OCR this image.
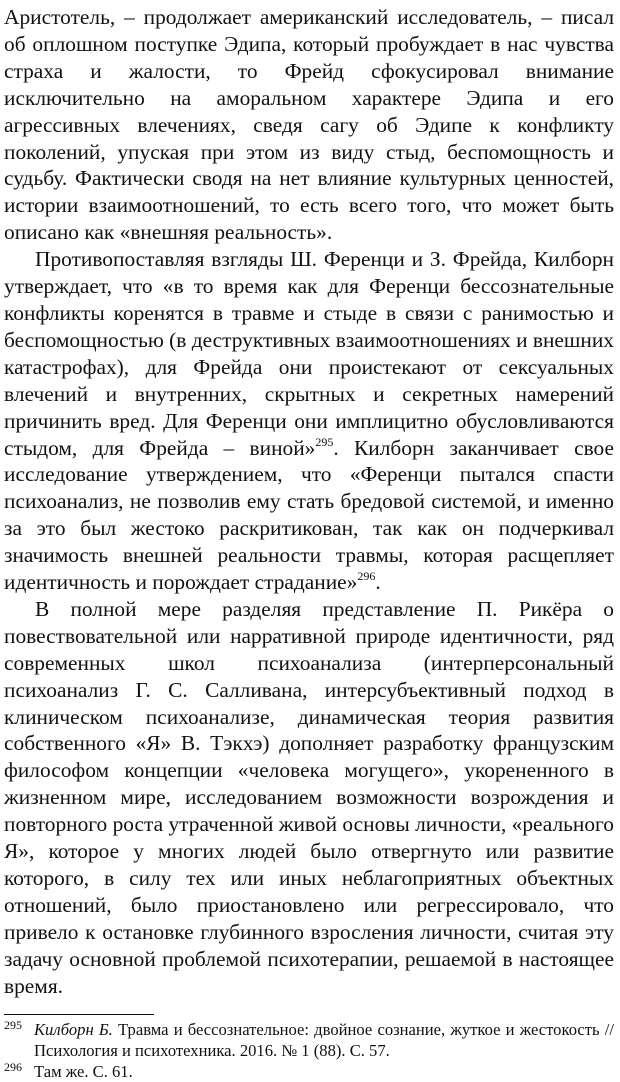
Аристотель, – продолжает американский исследователь, – писал об оплошном поступке Эдипа, который пробуждает в нас чувства страха и жалости, то Фрейд сфокусировал внимание исключительно на аморальном характере Эдипа и его агрессивных влечениях, сведя сагу об Эдипе к конфликту поколений, упуская при этом из виду стыд, беспомощность и судьбу. Фактически сводя на нет влияние культурных ценностей, истории взаимоотношений, то есть всего того, что может быть описано как «внешняя реальность».

Противопоставляя взгляды Ш. Ференци и З. Фрейда, Килборн утверждает, что «в то время как для Ференци бессознательные конфликты коренятся в травме и стыде в связи с ранимостью и беспомощностью (в деструктивных взаимоотношениях и внешних катастрофах), для Фрейда они проистекают от сексуальных влечений и внутренних, скрытных и секретных намерений причинить вред. Для Ференци они имплицитно обусловливаются стыдом, для Фрейда – виной»$^{295}$. Килборн заканчивает свое исследование утверждением, что «Ференци пытался спасти психоанализ, не позволив ему стать бредовой системой, и именно за это был жестоко раскритикован, так как он подчеркивал значимость внешней реальности травмы, которая расщепляет идентичность и порождает страдание»$^{296}$.

В полной мере разделяя представление П. Рикёра о повествовательной или нарративной природе идентичности, ряд современных школ психоанализа (интерперсональный психоанализ Г. С. Салливана, интерсубъективный подход в клиническом психоанализе, динамическая теория развития собственного «Я» В. Тэкхэ) дополняет разработку французским философом концепции «человека могущего», укорененного в жизненном мире, исследованием возможности возрождения и повторного роста утраченной живой основы личности, «реального Я», которое у многих людей было отвергнуто или развитие которого, в силу тех или иных неблагоприятных объектных отношений, было приостановлено или регрессировало, что привело к остановке глубинного взросления личности, считая эту задачу основной проблемой психотерапии, решаемой в настоящее время.

295 Килборн Б. Травма и бессознательное: двойное сознание, жуткое и жестокость // Психология и психотехника. 2016. № 1 (88). С. 57.

296 Там же. С. 61.
